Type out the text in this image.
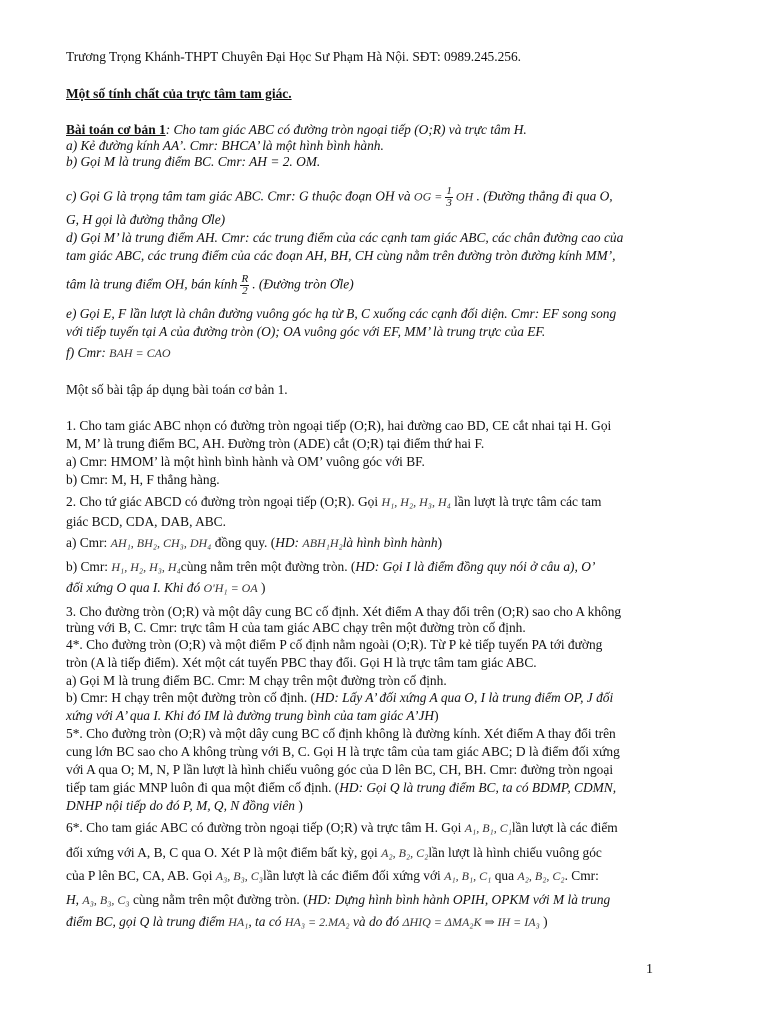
Trương Trọng Khánh-THPT Chuyên Đại Học Sư Phạm Hà Nội. SĐT: 0989.245.256.
Một số tính chất của trực tâm tam giác.
Bài toán cơ bản 1: Cho tam giác ABC có đường tròn ngoại tiếp (O;R) và trực tâm H.
a) Kẻ đường kính AA’. Cmr: BHCA’ là một hình bình hành.
b) Gọi M là trung điểm BC. Cmr: AH = 2. OM.
c) Gọi G là trọng tâm tam giác ABC. Cmr: G thuộc đoạn OH và OG = $\frac{1}{3}$ OH . (Đường thẳng đi qua O,
G, H gọi là đường thẳng Ơle)
d) Gọi M’ là trung điểm AH. Cmr: các trung điểm của các cạnh tam giác ABC, các chân đường cao của
tam giác ABC, các trung điểm của các đoạn AH, BH, CH cùng nằm trên đường tròn đường kính MM’,
tâm là trung điểm OH, bán kính $\frac{R}{2}$ . (Đường tròn Ơle)
e) Gọi E, F lần lượt là chân đường vuông góc hạ từ B, C xuống các cạnh đối diện. Cmr: EF song song
với tiếp tuyến tại A của đường tròn (O); OA vuông góc với EF, MM’ là trung trực của EF.
f) Cmr: BAH = CAO
Một số bài tập áp dụng bài toán cơ bản 1.
1. Cho tam giác ABC nhọn có đường tròn ngoại tiếp (O;R), hai đường cao BD, CE cắt nhai tại H. Gọi
M, M’ là trung điểm BC, AH. Đường tròn (ADE) cắt (O;R) tại điểm thứ hai F.
a) Cmr: HMOM’ là một hình bình hành và OM’ vuông góc với BF.
b) Cmr: M, H, F thẳng hàng.
2. Cho tứ giác ABCD có đường tròn ngoại tiếp (O;R). Gọi H₁, H₂, H₃, H₄ lần lượt là trực tâm các tam
giác BCD, CDA, DAB, ABC.
a) Cmr: AH₁, BH₂, CH₃, DH₄ đồng quy. (HD: ABH₁H₂là hình bình hành)
b) Cmr: H₁, H₂, H₃, H₄cùng nằm trên một đường tròn. (HD: Gọi I là điểm đồng quy nói ở câu a), O’
đối xứng O qua I. Khi đó O'H₁ = OA )
3. Cho đường tròn (O;R) và một dây cung BC cố định. Xét điểm A thay đổi trên (O;R) sao cho A không
trùng với B, C. Cmr: trực tâm H của tam giác ABC chạy trên một đường tròn cố định.
4*. Cho đường tròn (O;R) và một điểm P cố định nằm ngoài (O;R). Từ P kẻ tiếp tuyến PA tới đường
tròn (A là tiếp điểm). Xét một cát tuyến PBC thay đổi. Gọi H là trực tâm tam giác ABC.
a) Gọi M là trung điểm BC. Cmr: M chạy trên một đường tròn cố định.
b) Cmr: H chạy trên một đường tròn cố định. (HD: Lấy A’ đối xứng A qua O, I là trung điểm OP, J đối
xứng với A’ qua I. Khi đó IM là đường trung bình của tam giác A’JH)
5*. Cho đường tròn (O;R) và một dây cung BC cố định không là đường kính. Xét điểm A thay đổi trên
cung lớn BC sao cho A không trùng với B, C. Gọi H là trực tâm của tam giác ABC; D là điểm đối xứng
với A qua O; M, N, P lần lượt là hình chiếu vuông góc của D lên BC, CH, BH. Cmr: đường tròn ngoại
tiếp tam giác MNP luôn đi qua một điểm cố định. (HD: Gọi Q là trung điểm BC, ta có BDMP, CDMN,
DNHP nội tiếp do đó P, M, Q, N đồng viên )
6*. Cho tam giác ABC có đường tròn ngoại tiếp (O;R) và trực tâm H. Gọi A₁, B₁, C₁lần lượt là các điểm
đối xứng với A, B, C qua O. Xét P là một điểm bất kỳ, gọi A₂, B₂, C₂lần lượt là hình chiếu vuông góc
của P lên BC, CA, AB. Gọi A₃, B₃, C₃lần lượt là các điểm đối xứng với A₁, B₁, C₁ qua A₂, B₂, C₂. Cmr:
H, A₃, B₃, C₃ cùng nằm trên một đường tròn. (HD: Dựng hình bình hành OPIH, OPKM với M là trung
điểm BC, gọi Q là trung điểm HA₁, ta có HA₃ = 2.MA₂ và do đó ΔHIQ = ΔMA₂K ⇒ IH = IA₃ )
1
